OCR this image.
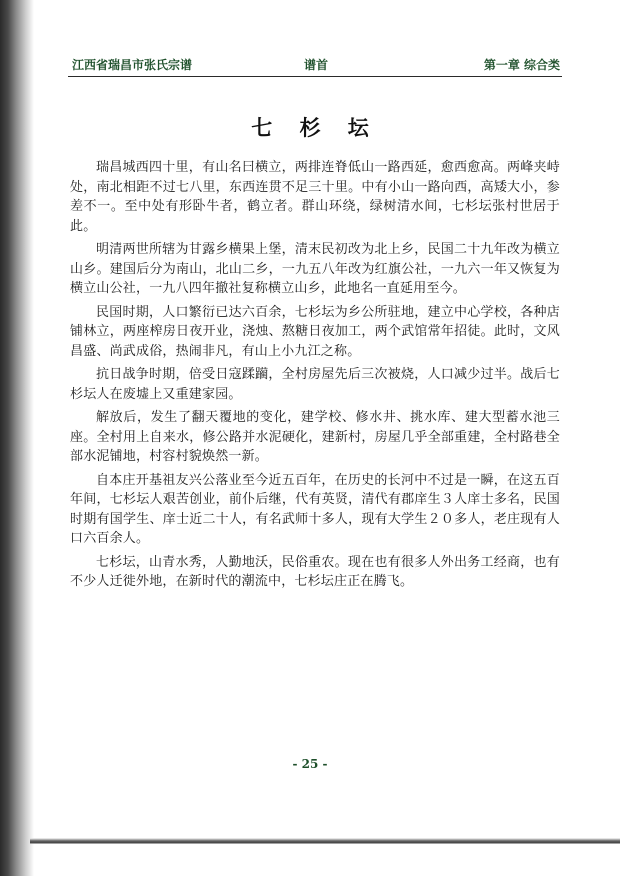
江西省瑞昌市张氏宗谱	谱首	第一章 综合类
七 杉 坛

瑞昌城西四十里，有山名曰横立，两排连脊低山一路西延，愈西愈高。两峰夹峙处，南北相距不过七八里，东西连贯不足三十里。中有小山一路向西，高矮大小，参差不一。至中处有形卧牛者，鹤立者。群山环绕，绿树清水间，七杉坛张村世居于此。

明清两世所辖为甘露乡横果上堡，清末民初改为北上乡，民国二十九年改为横立山乡。建国后分为南山，北山二乡，一九五八年改为红旗公社，一九六一年又恢复为横立山公社，一九八四年撤社复称横立山乡，此地名一直延用至今。

民国时期，人口繁衍已达六百余，七杉坛为乡公所驻地，建立中心学校，各种店铺林立，两座榨房日夜开业，浇烛、熬糖日夜加工，两个武馆常年招徒。此时，文风昌盛、尚武成俗，热闹非凡，有山上小九江之称。

抗日战争时期，倍受日寇蹂躏，全村房屋先后三次被烧，人口减少过半。战后七杉坛人在废墟上又重建家园。

解放后，发生了翻天覆地的变化，建学校、修水井、挑水库、建大型蓄水池三座。全村用上自来水，修公路并水泥硬化，建新村，房屋几乎全部重建，全村路巷全部水泥铺地，村容村貌焕然一新。

自本庄开基祖友兴公落业至今近五百年，在历史的长河中不过是一瞬，在这五百年间，七杉坛人艰苦创业，前仆后继，代有英贤，清代有郡庠生３人庠士多名，民国时期有国学生、庠士近二十人，有名武师十多人，现有大学生２０多人，老庄现有人口六百余人。

七杉坛，山青水秀，人勤地沃，民俗重农。现在也有很多人外出务工经商，也有不少人迁徙外地，在新时代的潮流中，七杉坛庄正在腾飞。

- 25 -
